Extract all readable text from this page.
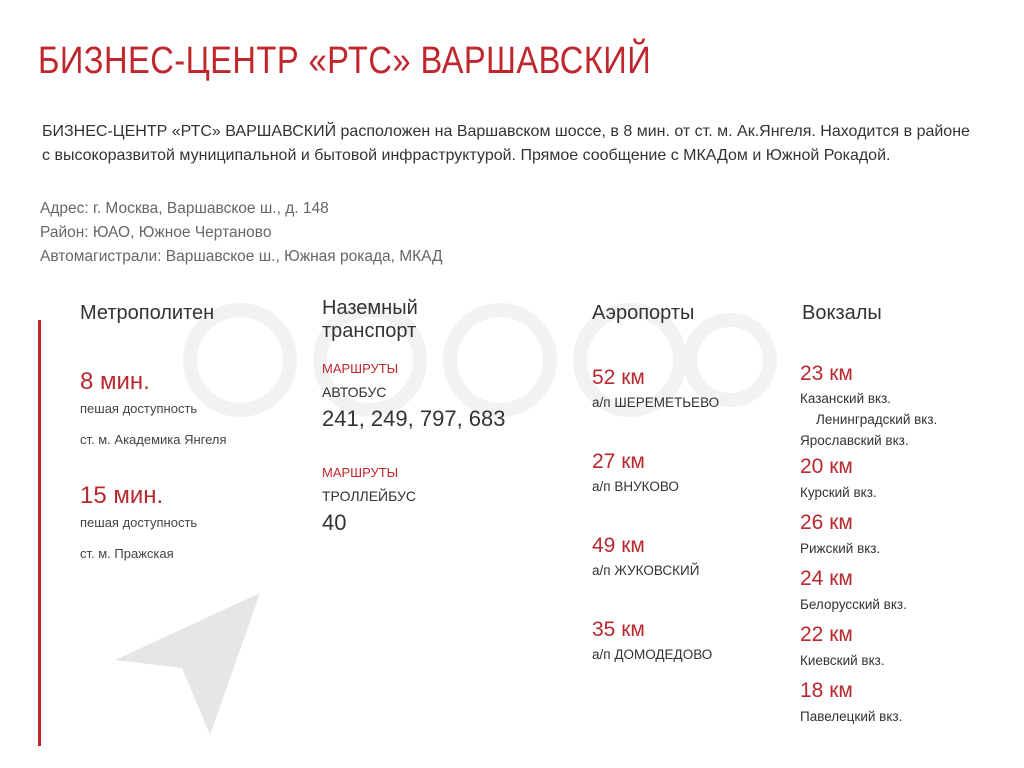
БИЗНЕС-ЦЕНТР «РТС» ВАРШАВСКИЙ
БИЗНЕС-ЦЕНТР «РТС» ВАРШАВСКИЙ расположен на Варшавском шоссе, в 8 мин. от ст. м. Ак.Янгеля. Находится в районе
с высокоразвитой муниципальной и бытовой инфраструктурой. Прямое сообщение с МКАДом и Южной Рокадой.
Адрес: г. Москва, Варшавское ш., д. 148
Район: ЮАО, Южное Чертаново
Автомагистрали: Варшавское ш., Южная рокада, МКАД
Метрополитен
8 мин.
пешая доступность
ст. м. Академика Янгеля
15 мин.
пешая доступность
ст. м. Пражская
Наземный
транспорт
МАРШРУТЫ
АВТОБУС
241, 249, 797, 683
МАРШРУТЫ
ТРОЛЛЕЙБУС
40
Аэропорты
52 км
а/п ШЕРЕМЕТЬЕВО
27 км
а/п ВНУКОВО
49 км
а/п ЖУКОВСКИЙ
35 км
а/п ДОМОДЕДОВО
Вокзалы
23 км
Казанский вкз.
Ленинградский вкз.
Ярославский вкз.
20 км
Курский вкз.
26 км
Рижский вкз.
24 км
Белорусский вкз.
22 км
Киевский вкз.
18 км
Павелецкий вкз.
